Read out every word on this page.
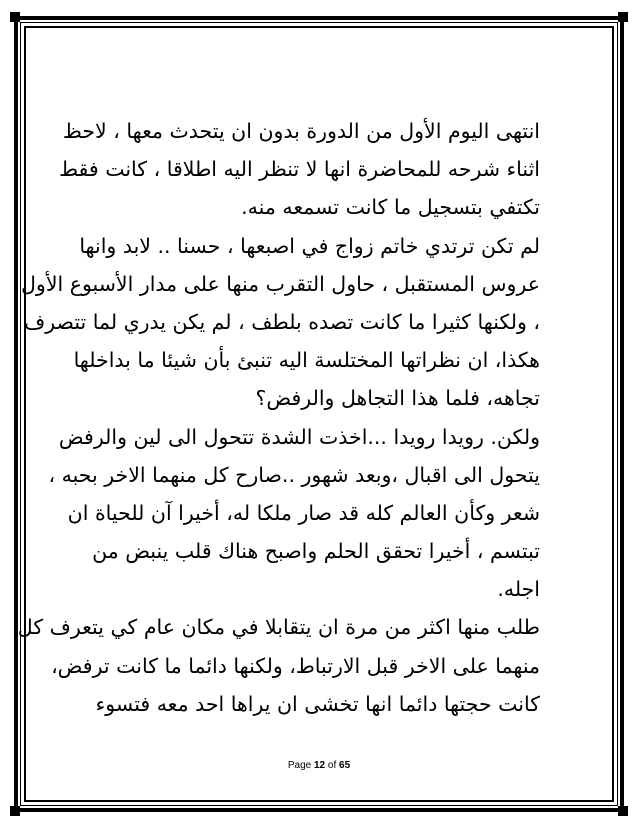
انتهى اليوم الأول من الدورة بدون ان يتحدث معها ، لاحظ
اثناء شرحه للمحاضرة انها لا تنظر اليه اطلاقا ، كانت فقط
تكتفي بتسجيل ما كانت تسمعه منه.
لم تكن ترتدي خاتم زواج في اصبعها ، حسنا .. لابد وانها
عروس المستقبل ، حاول التقرب منها على مدار الأسبوع الأول
، ولكنها كثيرا ما كانت تصده بلطف ، لم يكن يدري لما تتصرف
هكذا، ان نظراتها المختلسة اليه تنبئ بأن شيئا ما بداخلها
تجاهه، فلما هذا التجاهل والرفض؟
ولكن. رويدا رويدا ...اخذت الشدة تتحول الى لين والرفض
يتحول الى اقبال ،وبعد شهور ..صارح كل منهما الاخر بحبه ،
شعر وكأن العالم كله قد صار ملكا له، أخيرا آن للحياة ان
تبتسم ، أخيرا تحقق الحلم واصبح هناك قلب ينبض من
اجله.
طلب منها اكثر من مرة ان يتقابلا في مكان عام كي يتعرف كل
منهما على الاخر قبل الارتباط، ولكنها دائما ما كانت ترفض،
كانت حجتها دائما انها تخشى ان يراها احد معه فتسوء
Page 12 of 65
